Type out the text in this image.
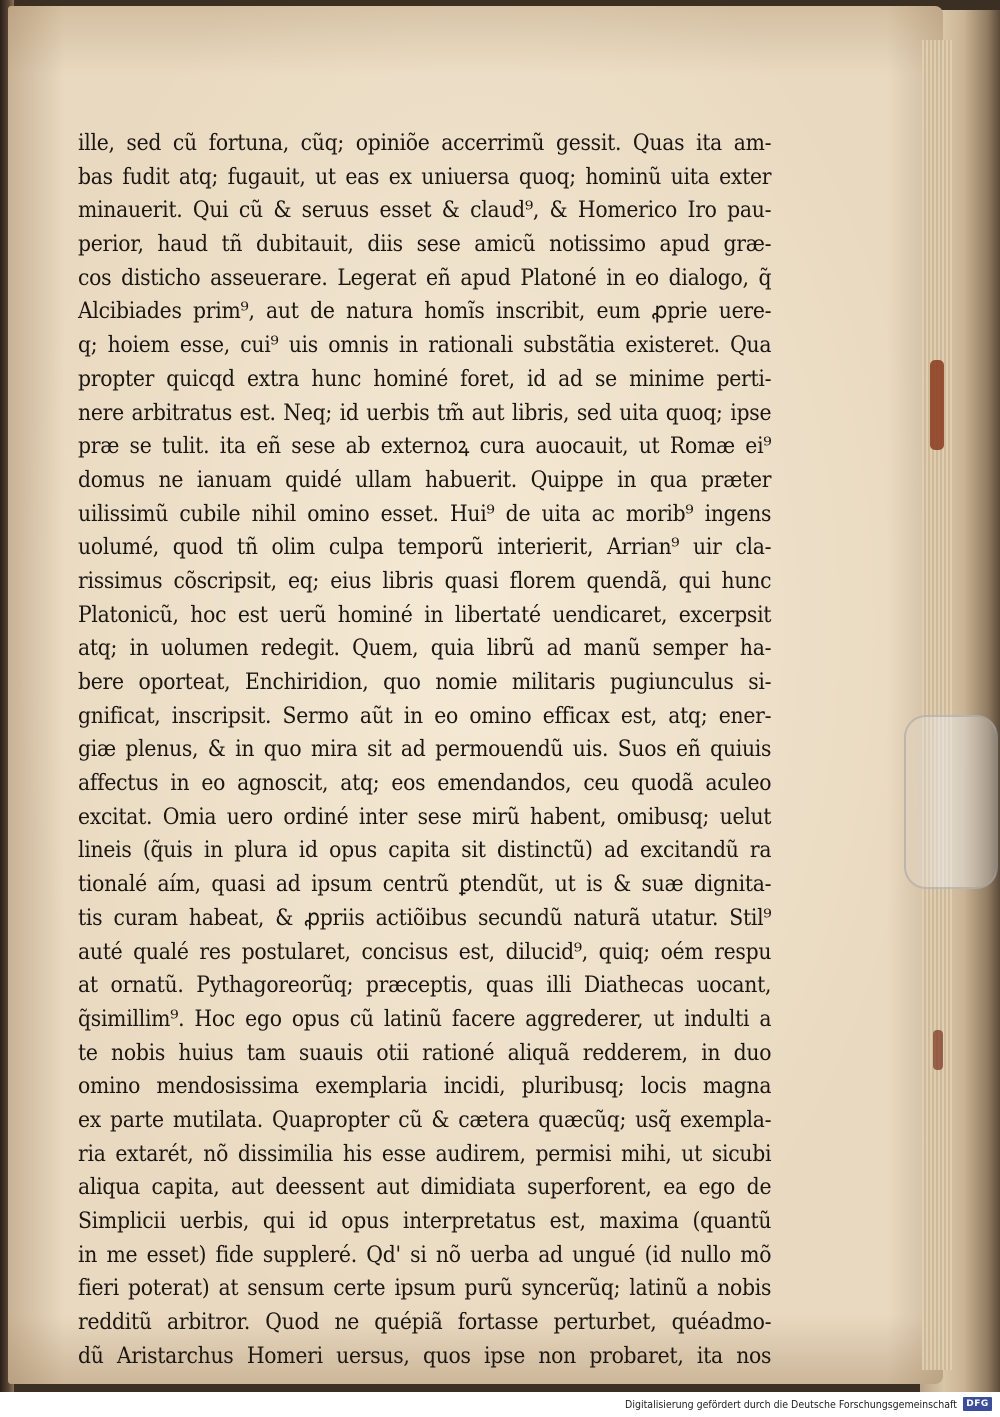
ille, sed cũ fortuna, cũq; opiniõe accerrimũ gessit. Quas ita am-
bas fudit atq; fugauit, ut eas ex uniuersa quoq; hominũ uita exter
minauerit. Qui cũ & seruus esset & claud⁹, & Homerico Iro pau-
perior, haud tñ dubitauit, diis sese amicũ notissimo apud græ-
cos disticho asseuerare. Legerat eñ apud Platoné in eo dialogo, q̃
Alcibiades prim⁹, aut de natura homĩs inscribit, eum ꝓprie uere-
q; hoiem esse, cui⁹ uis omnis in rationali substãtia existeret. Qua
propter quicqd extra hunc hominé foret, id ad se minime perti-
nere arbitratus est. Neq; id uerbis tm̃ aut libris, sed uita quoq; ipse
præ se tulit. ita eñ sese ab externoꝝ cura auocauit, ut Romæ ei⁹
domus ne ianuam quidé ullam habuerit. Quippe in qua præter
uilissimũ cubile nihil omino esset. Hui⁹ de uita ac morib⁹ ingens
uolumé, quod tñ olim culpa temporũ interierit, Arrian⁹ uir cla-
rissimus cõscripsit, eq; eius libris quasi florem quendã, qui hunc
Platonicũ, hoc est uerũ hominé in libertaté uendicaret, excerpsit
atq; in uolumen redegit. Quem, quia librũ ad manũ semper ha-
bere oporteat, Enchiridion, quo nomie militaris pugiunculus si-
gnificat, inscripsit. Sermo aũt in eo omino efficax est, atq; ener-
giæ plenus, & in quo mira sit ad permouendũ uis. Suos eñ quiuis
affectus in eo agnoscit, atq; eos emendandos, ceu quodã aculeo
excitat. Omia uero ordiné inter sese mirũ habent, omibusq; uelut
lineis (q̃uis in plura id opus capita sit distinctũ) ad excitandũ ra
tionalé aím, quasi ad ipsum centrũ ꝑtendũt, ut is & suæ dignita-
tis curam habeat, & ꝓpriis actiõibus secundũ naturã utatur. Stil⁹
auté qualé res postularet, concisus est, dilucid⁹, quiq; oém respu
at ornatũ. Pythagoreorũq; præceptis, quas illi Diathecas uocant,
q̃simillim⁹. Hoc ego opus cũ latinũ facere aggrederer, ut indulti a
te nobis huius tam suauis otii rationé aliquã redderem, in duo
omino mendosissima exemplaria incidi, pluribusq; locis magna
ex parte mutilata. Quapropter cũ & cætera quæcũq; usq̃ exempla-
ria extarét, nõ dissimilia his esse audirem, permisi mihi, ut sicubi
aliqua capita, aut deessent aut dimidiata superforent, ea ego de
Simplicii uerbis, qui id opus interpretatus est, maxima (quantũ
in me esset) fide suppleré. Qd' si nõ uerba ad ungué (id nullo mõ
fieri poterat) at sensum certe ipsum purũ syncerũq; latinũ a nobis
redditũ arbitror. Quod ne quépiã fortasse perturbet, quéadmo-
dũ Aristarchus Homeri uersus, quos ipse non probaret, ita nos
Digitalisierung gefördert durch die Deutsche Forschungsgemeinschaft	DFG
